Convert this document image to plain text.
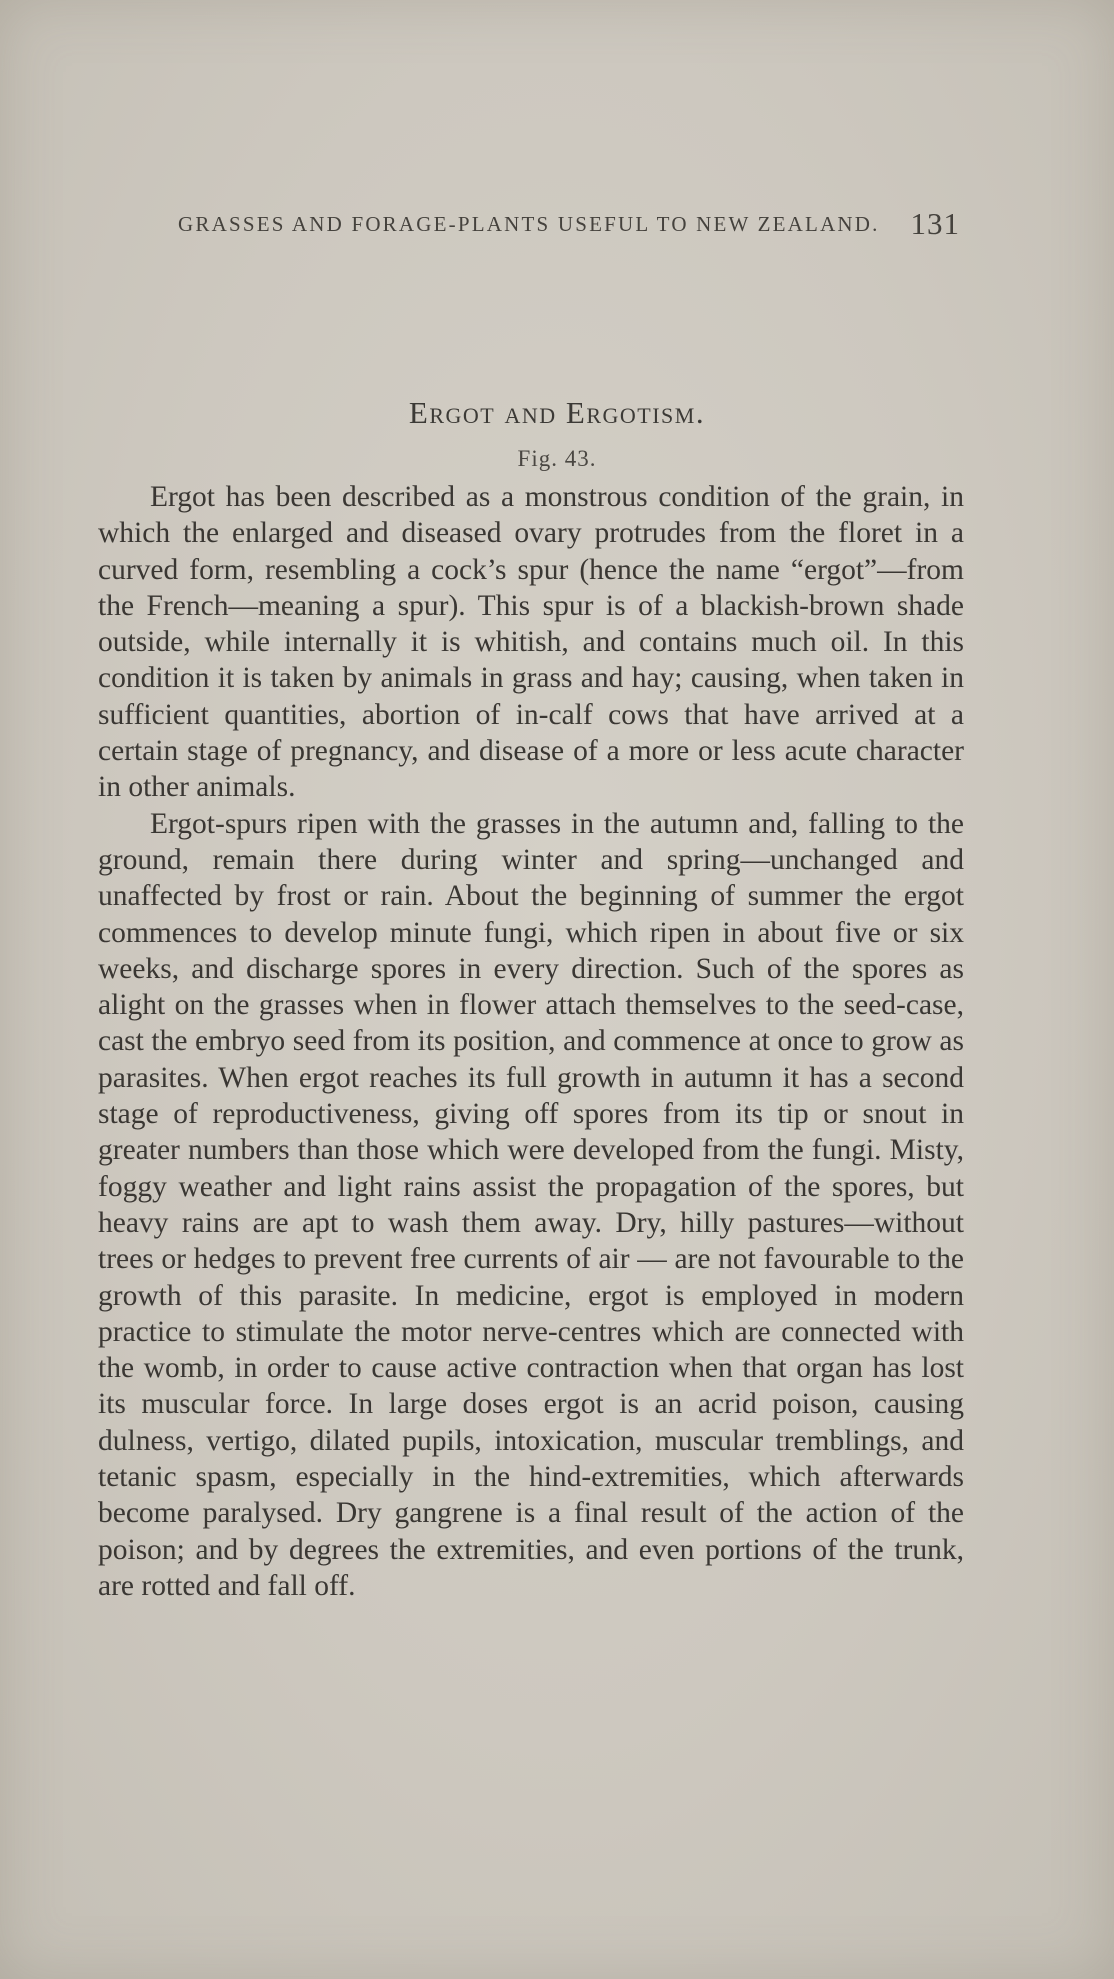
GRASSES AND FORAGE-PLANTS USEFUL TO NEW ZEALAND. 131
Ergot and Ergotism.
Fig. 43.

Ergot has been described as a monstrous condition of the grain, in which the enlarged and diseased ovary protrudes from the floret in a curved form, resembling a cock’s spur (hence the name “ergot”—from the French—meaning a spur). This spur is of a blackish-brown shade outside, while internally it is whitish, and contains much oil. In this condition it is taken by animals in grass and hay; causing, when taken in sufficient quantities, abortion of in-calf cows that have arrived at a certain stage of pregnancy, and disease of a more or less acute character in other animals.

Ergot-spurs ripen with the grasses in the autumn and, falling to the ground, remain there during winter and spring—unchanged and unaffected by frost or rain. About the beginning of summer the ergot commences to develop minute fungi, which ripen in about five or six weeks, and discharge spores in every direction. Such of the spores as alight on the grasses when in flower attach themselves to the seed-case, cast the embryo seed from its position, and commence at once to grow as parasites. When ergot reaches its full growth in autumn it has a second stage of reproductiveness, giving off spores from its tip or snout in greater numbers than those which were developed from the fungi. Misty, foggy weather and light rains assist the propagation of the spores, but heavy rains are apt to wash them away. Dry, hilly pastures—without trees or hedges to prevent free currents of air — are not favourable to the growth of this parasite. In medicine, ergot is employed in modern practice to stimulate the motor nerve-centres which are connected with the womb, in order to cause active contraction when that organ has lost its muscular force. In large doses ergot is an acrid poison, causing dulness, vertigo, dilated pupils, intoxication, muscular tremblings, and tetanic spasm, especially in the hind-extremities, which afterwards become paralysed. Dry gangrene is a final result of the action of the poison; and by degrees the extremities, and even portions of the trunk, are rotted and fall off.
